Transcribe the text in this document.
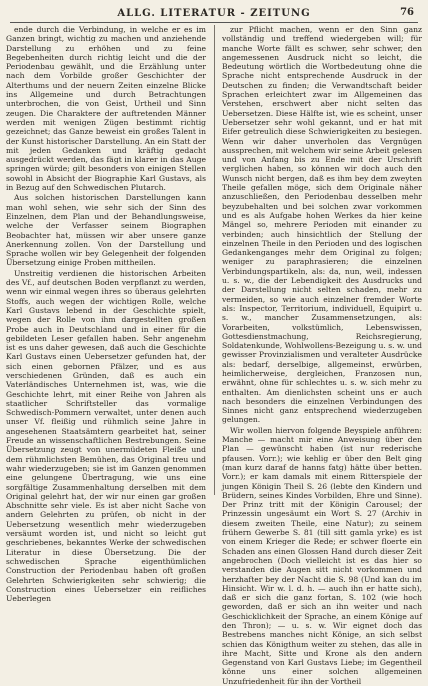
ALLG. LITERATUR - ZEITUNG	76

ende durch die Verbindung, in welche er es im Ganzen bringt, wichtig zu machen und anziehende Darstellung zu erhöhen und zu feine Begebenheiten durch richtig leicht und die der Periodenbau gewählt, und die Erzählung unter nach dem Vorbilde großer Geschichter der Alterthums und der neuern Zeiten einzelne Blicke ins Allgemeine und durch Betrachtungen unterbrochen, die von Geist, Urtheil und Sinn zeugen. Die Charaktere der auftretenden Männer werden mit wenigen Zügen bestimmt richtig gezeichnet; das Ganze beweist ein großes Talent in der Kunst historischer Darstellung. An ein Statt der mit jeden Gedanken und kräftig gedacht ausgedrückt werden, das fägt in klarer in das Auge springen würde; gilt besonders von einigen Stellen sowohl in Absicht der Biographie Karl Gustavs, als in Bezug auf den Schwedischen Plutarch.

Aus solchen historischen Darstellungen kann man wohl sehen, wie sehr sich der Sinn des Einzelnen, dem Plan und der Behandlungsweise, welche der Verfasser seinem Biographen Beobachter hat, müssen wir aber unsere ganze Anerkennung zollen. Von der Darstellung und Sprache wollen wir bey Gelegenheit der folgenden Übersetzung einige Proben mittheilen.

Unstreitig verdienen die historischen Arbeiten des Vf., auf deutschen Boden verpflanzt zu werden, wenn wir einmal wegen ihres so überaus gelehrten Stoffs, auch wegen der wichtigen Rolle, welche Karl Gustavs lebend in der Geschichte spielt, wegen der Rolle von ihm dargestellten großen Probe auch in Deutschland und in einer für die gebildeten Leser gefallen haben. Sehr angenehm ist es uns daher gewesen, daß auch die Geschichte Karl Gustavs einen Uebersetzer gefunden hat, der sich einen gebornen Pfälzer, und es aus verschiedenen Gründen, daß es auch ein Vaterländisches Unternehmen ist, was, wie die Geschichte lehrt, mit einer Reihe von Jahren als staatlicher Schriftsteller das vormalige Schwedisch-Pommern verwaltet, unter denen auch unser Vf. fleißig und rühmlich seine Jahre in angesehenen Staatsämtern gearbeitet hat, seiner Freude an wissenschaftlichen Bestrebungen. Seine Übersetzung zeugt von unermüdeten Fleiße und dem rühmlichsten Bemühen, das Original treu und wahr wiederzugeben; sie ist im Ganzen genommen eine gelungene Übertragung, wie uns eine sorgfältige Zusammenhaltung derselben mit dem Original gelehrt hat, der wir nur einen gar großen Abschnitte sehr viele. Es ist aber nicht Sache von andern Gelehrten zu prüfen, ob nicht in der Uebersetzung wesentlich mehr wiederzugeben versäumt worden ist, und nicht so leicht gut geschriebenes, bekanntes Werke der schwedischen Literatur in diese Übersetzung. Die der schwedischen Sprache eigenthümlichen Construction der Periodenbau haben oft großen Gelehrten Schwierigkeiten sehr schwierig; die Construction eines Uebersetzer ein reifliches Ueberlegen

zur Pflicht machen, wenn er den Sinn ganz vollständig und treffend wiedergeben will; für manche Worte fällt es schwer, sehr schwer, den angemessenen Ausdruck nicht so leicht, die Bedeutung wörtlich die Wortbedeutung ohne die Sprache nicht entsprechende Ausdruck in der Deutschen zu finden; die Verwandtschaft beider Sprachen erleichtert zwar im Allgemeinen das Verstehen, erschwert aber nicht selten das Uebersetzen. Diese Hälfte ist, wie es scheint, unser Uebersetzer sehr wohl gekannt, und er hat mit Eifer getreulich diese Schwierigkeiten zu besiegen. Wenn wir daher unverholen das Vergnügen aussprechen, mit welchem wir seine Arbeit gelesen und von Anfang bis zu Ende mit der Urschrift verglichen haben, so können wir doch auch den Wunsch nicht bergen, daß es ihm bey dem zweyten Theile gefallen möge, sich dem Originale näher anzuschließen, den Periodenbau desselben mehr beyzubehalten und bei solchen zwar vorkommen und es als Aufgabe hohen Werkes da hier keine Mängel so, mehrere Perioden mit einander zu verbinden; auch hinsichtlich der Stellung der einzelnen Theile in den Perioden und des logischen Gedankenganges mehr dem Original zu folgen; weniger zu paraphrasieren; die einzelnen Verbindungspartikeln, als: da, nun, weil, indessen u. s. w., die der Lebendigkeit des Ausdrucks und der Darstellung nicht selten schaden, mehr zu vermeiden, so wie auch einzelner fremder Worte als: Inspector, Territorium, individuell, Equipirt u. s. w., mancher Zusammensetzungen, als: Vorarbeiten, volkstümlich, Lebenswissen, Gottesdienstmachung, Reichsregierung, Soldatenkunde, Wohlwollens-Bezeigung u. s. w. und gewisser Provinzialismen und veralteter Ausdrücke als: bedarf, derselbige, allgemeinst, erwürben, heimlicherweise, dergleichen, Franzosen nun, erwähnt, ohne für schlechtes u. s. w. sich mehr zu enthalten. Am dienlichsten scheint uns er auch nach besonders die einzelnen Verbindungen des Sinnes nicht ganz entsprechend wiederzugeben gelungen.

Wir wollen hiervon folgende Beyspiele anführen: Manche — macht mir eine Anweisung über den Plan — gewünscht haben (ist nur rederische pfausen. Vorr.); wie kehlig er über den Belt ging (man kurz daraf de hanns fatg) hätte über betten. Vorr.); er kam damals mit einem Ritterspiele der jungen Königin Theil S. 26 (lebte den Kindern und Brüdern, seines Kindes Vorbilden, Ehre und Sinne). Der Prinz tritt mit der Königin Carousel; der Prinzessin ungesäumt ein Wort S. 27 (Archiv in diesem zweiten Theile, eine Natur); zu seinem frühern Gewerbe S. 81 (till sitt gamla yrke) es ist von einem Krieger die Rede; er schwer floerte ein Schaden ans einen Glossen Hand durch dieser Zeit angebrochen (Doch vielleicht ist es das hier so verstanden die Augen sitt nicht vorkommen und herzhafter bey der Nacht die S. 98 (Und kan du im Hinsicht. Wir w. l. d. h. — auch ihn er hatte sich), daß er sich die ganz fortan, S. 102 (wie hoch geworden, daß er sich an ihn weiter und nach Geschicklichkeit der Sprache, an einem Könige auf den Thron); — u. s. w. Wir eignet doch das Bestrebens manches nicht Könige, an sich selbst schien das Königthum weiter zu stehen, das alle in ihre Macht, Sitte und Krone als den andern Gegenstand von Karl Gustavs Liebe; im Gegentheil könne uns einer solchen allgemeinen Unzufriedenheit für ihn der Vortheil
